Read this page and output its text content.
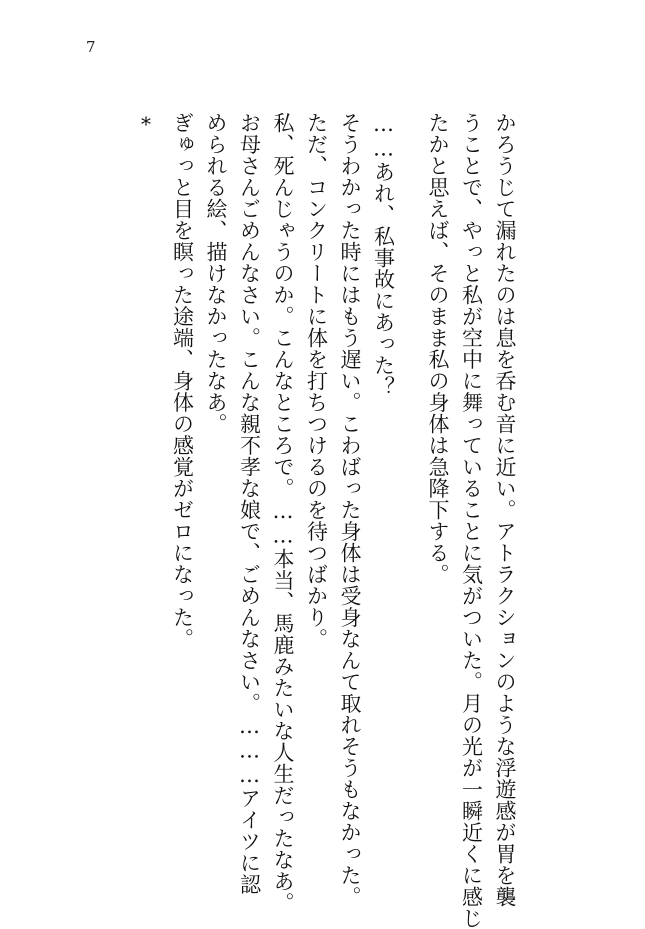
7
*	かろうじて漏れたのは息を呑む音に近い。アトラクションのような浮遊感が胃を襲
うことで、やっと私が空中に舞っていることに気がついた。月の光が一瞬近くに感じ
たかと思えば、そのまま私の身体は急降下する。
……あれ、私事故にあった？
そうわかった時にはもう遅い。こわばった身体は受身なんて取れそうもなかった。
ただ、コンクリートに体を打ちつけるのを待つばかり。
私、死んじゃうのか。こんなところで。……本当、馬鹿みたいな人生だったなあ。
お母さんごめんなさい。こんな親不孝な娘で、ごめんなさい。………アイツに認
められる絵、描けなかったなあ。
ぎゅっと目を瞑った途端、身体の感覚がゼロになった。
